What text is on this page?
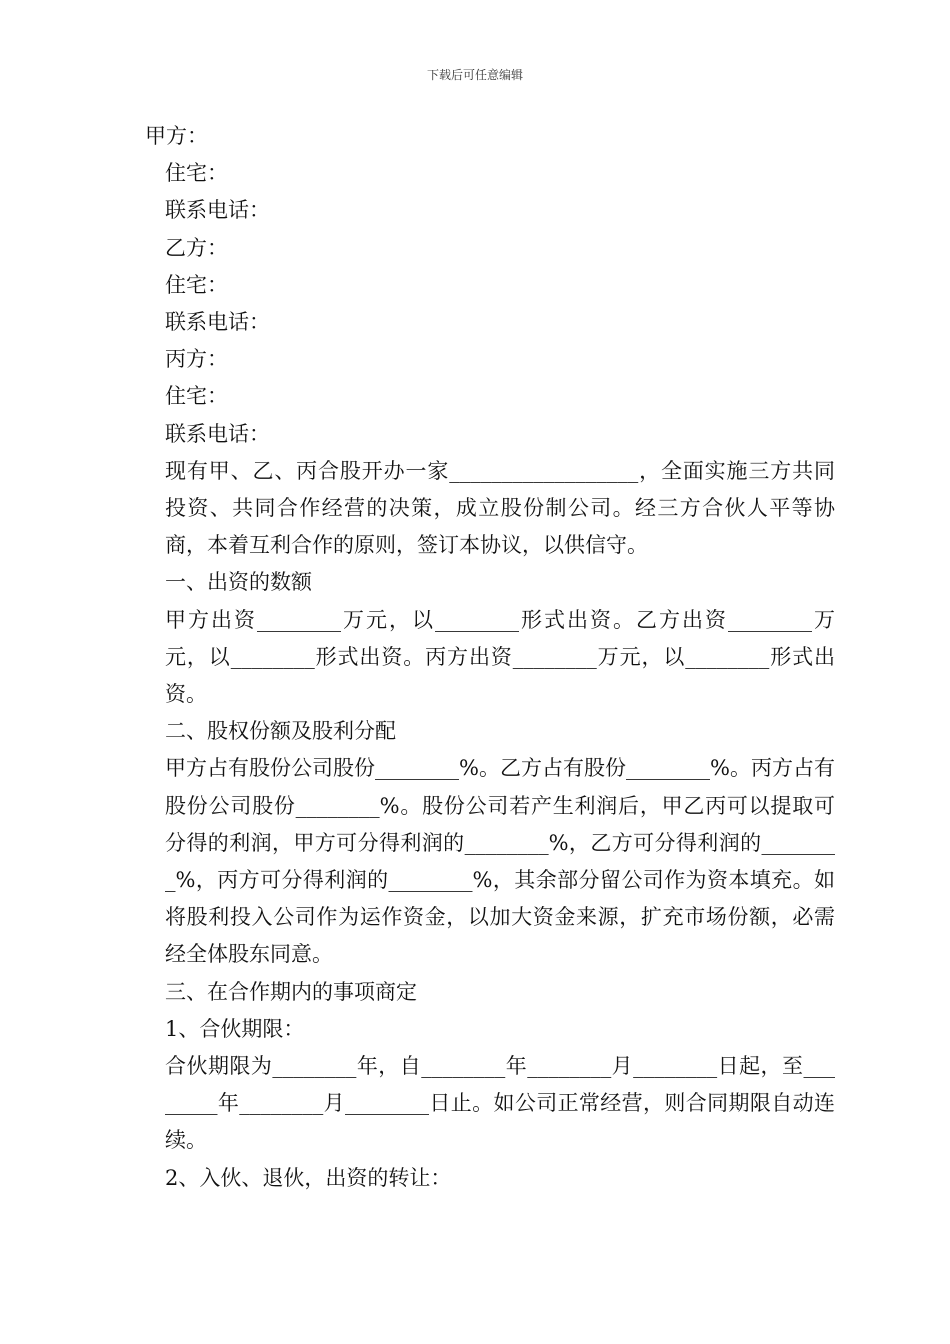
下载后可任意编辑

甲方：

住宅：

联系电话：

乙方：

住宅：

联系电话：

丙方：

住宅：

联系电话：

现有甲、乙、丙合股开办一家__________________，全面实施三方共同投资、共同合作经营的决策，成立股份制公司。经三方合伙人平等协商，本着互利合作的原则，签订本协议，以供信守。

一、出资的数额

甲方出资________万元，以________形式出资。乙方出资________万元，以________形式出资。丙方出资________万元，以________形式出资。

二、股权份额及股利分配

甲方占有股份公司股份________%。乙方占有股份________%。丙方占有股份公司股份________%。股份公司若产生利润后，甲乙丙可以提取可分得的利润，甲方可分得利润的________%，乙方可分得利润的________%，丙方可分得利润的________%，其余部分留公司作为资本填充。如将股利投入公司作为运作资金，以加大资金来源，扩充市场份额，必需经全体股东同意。

三、在合作期内的事项商定

1、合伙期限：

合伙期限为________年，自________年________月________日起，至________年________月________日止。如公司正常经营，则合同期限自动连续。

2、入伙、退伙，出资的转让：
